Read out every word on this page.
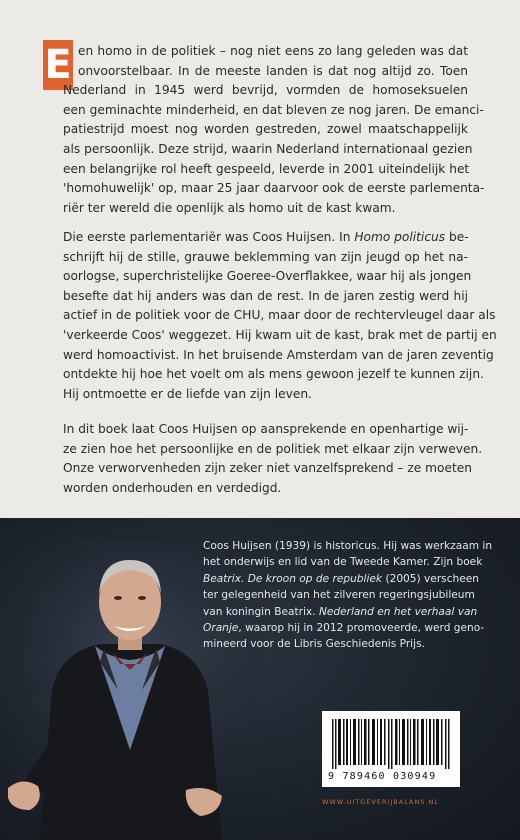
E en homo in de politiek – nog niet eens zo lang geleden was dat
onvoorstelbaar. In de meeste landen is dat nog altijd zo. Toen
Nederland in 1945 werd bevrijd, vormden de homoseksuelen
een geminachte minderheid, en dat bleven ze nog jaren. De emanci-
patiestrijd moest nog worden gestreden, zowel maatschappelijk
als persoonlijk. Deze strijd, waarin Nederland internationaal gezien
een belangrijke rol heeft gespeeld, leverde in 2001 uiteindelijk het
'homohuwelijk' op, maar 25 jaar daarvoor ook de eerste parlementa-
riër ter wereld die openlijk als homo uit de kast kwam.
Die eerste parlementariër was Coos Huijsen. In Homo politicus be-
schrijft hij de stille, grauwe beklemming van zijn jeugd op het na-
oorlogse, superchristelijke Goeree-Overflakkee, waar hij als jongen
besefte dat hij anders was dan de rest. In de jaren zestig werd hij
actief in de politiek voor de CHU, maar door de rechtervleugel daar als
'verkeerde Coos' weggezet. Hij kwam uit de kast, brak met de partij en
werd homoactivist. In het bruisende Amsterdam van de jaren zeventig
ontdekte hij hoe het voelt om als mens gewoon jezelf te kunnen zijn.
Hij ontmoette er de liefde van zijn leven.
In dit boek laat Coos Huijsen op aansprekende en openhartige wij-
ze zien hoe het persoonlijke en de politiek met elkaar zijn verweven.
Onze verworvenheden zijn zeker niet vanzelfsprekend – ze moeten
worden onderhouden en verdedigd.
Coos Huijsen (1939) is historicus. Hij was werkzaam in
het onderwijs en lid van de Tweede Kamer. Zijn boek
Beatrix. De kroon op de republiek (2005) verscheen
ter gelegenheid van het zilveren regeringsjubileum
van koningin Beatrix. Nederland en het verhaal van
Oranje, waarop hij in 2012 promoveerde, werd geno-
mineerd voor de Libris Geschiedenis Prijs.
9 789460 030949
WWW.UITGEVERIJBALANS.NL
